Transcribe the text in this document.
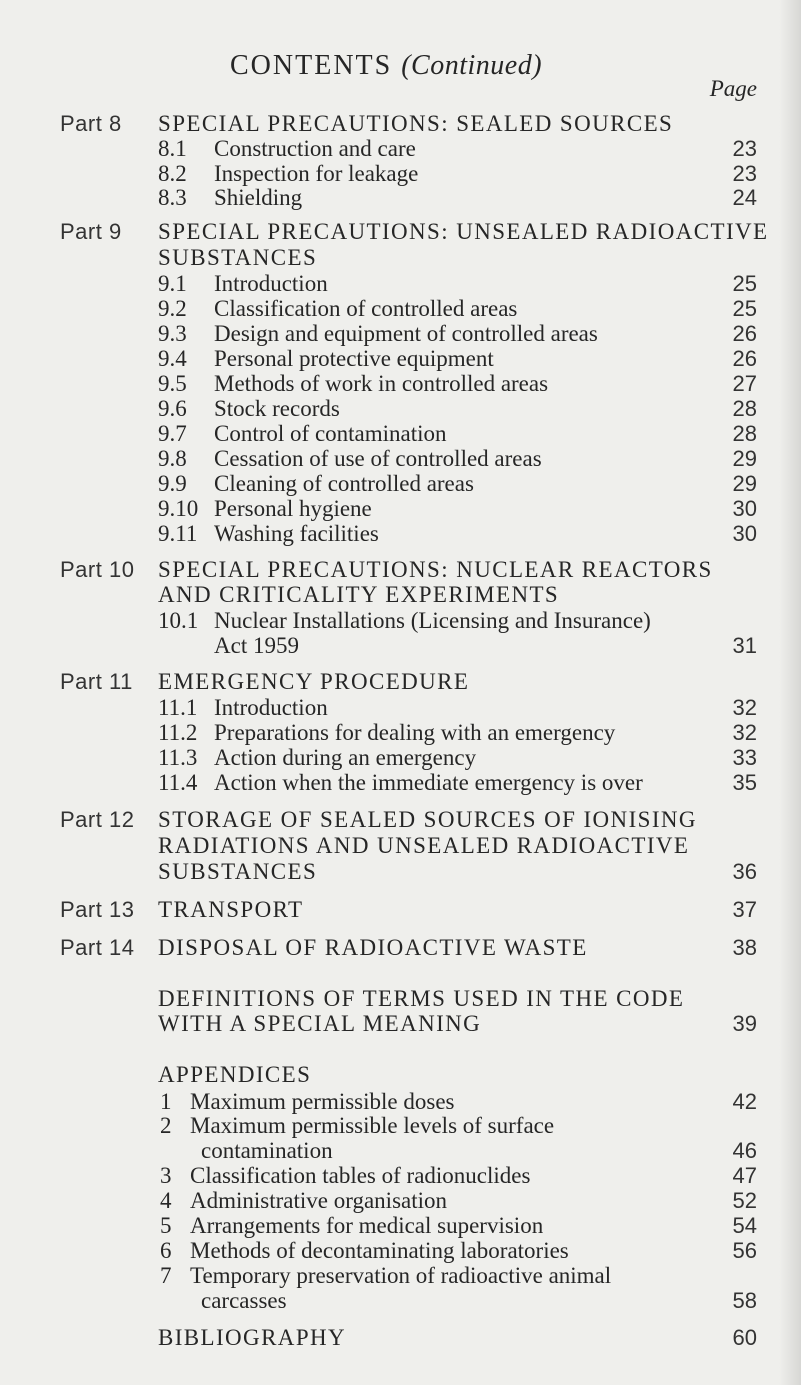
CONTENTS (Continued)
Page
Part 8 SPECIAL PRECAUTIONS: SEALED SOURCES
8.1 Construction and care	23
8.2 Inspection for leakage	23
8.3 Shielding	24
Part 9 SPECIAL PRECAUTIONS: UNSEALED RADIOACTIVE
SUBSTANCES
9.1 Introduction	25
9.2 Classification of controlled areas	25
9.3 Design and equipment of controlled areas	26
9.4 Personal protective equipment	26
9.5 Methods of work in controlled areas	27
9.6 Stock records	28
9.7 Control of contamination	28
9.8 Cessation of use of controlled areas	29
9.9 Cleaning of controlled areas	29
9.10 Personal hygiene	30
9.11 Washing facilities	30
Part 10 SPECIAL PRECAUTIONS: NUCLEAR REACTORS
AND CRITICALITY EXPERIMENTS
10.1 Nuclear Installations (Licensing and Insurance)
Act 1959	31
Part 11 EMERGENCY PROCEDURE
11.1 Introduction	32
11.2 Preparations for dealing with an emergency	32
11.3 Action during an emergency	33
11.4 Action when the immediate emergency is over	35
Part 12 STORAGE OF SEALED SOURCES OF IONISING
RADIATIONS AND UNSEALED RADIOACTIVE
SUBSTANCES	36
Part 13 TRANSPORT	37
Part 14 DISPOSAL OF RADIOACTIVE WASTE	38
DEFINITIONS OF TERMS USED IN THE CODE
WITH A SPECIAL MEANING	39
APPENDICES
1 Maximum permissible doses	42
2 Maximum permissible levels of surface
contamination	46
3 Classification tables of radionuclides	47
4 Administrative organisation	52
5 Arrangements for medical supervision	54
6 Methods of decontaminating laboratories	56
7 Temporary preservation of radioactive animal
carcasses	58
BIBLIOGRAPHY	60
